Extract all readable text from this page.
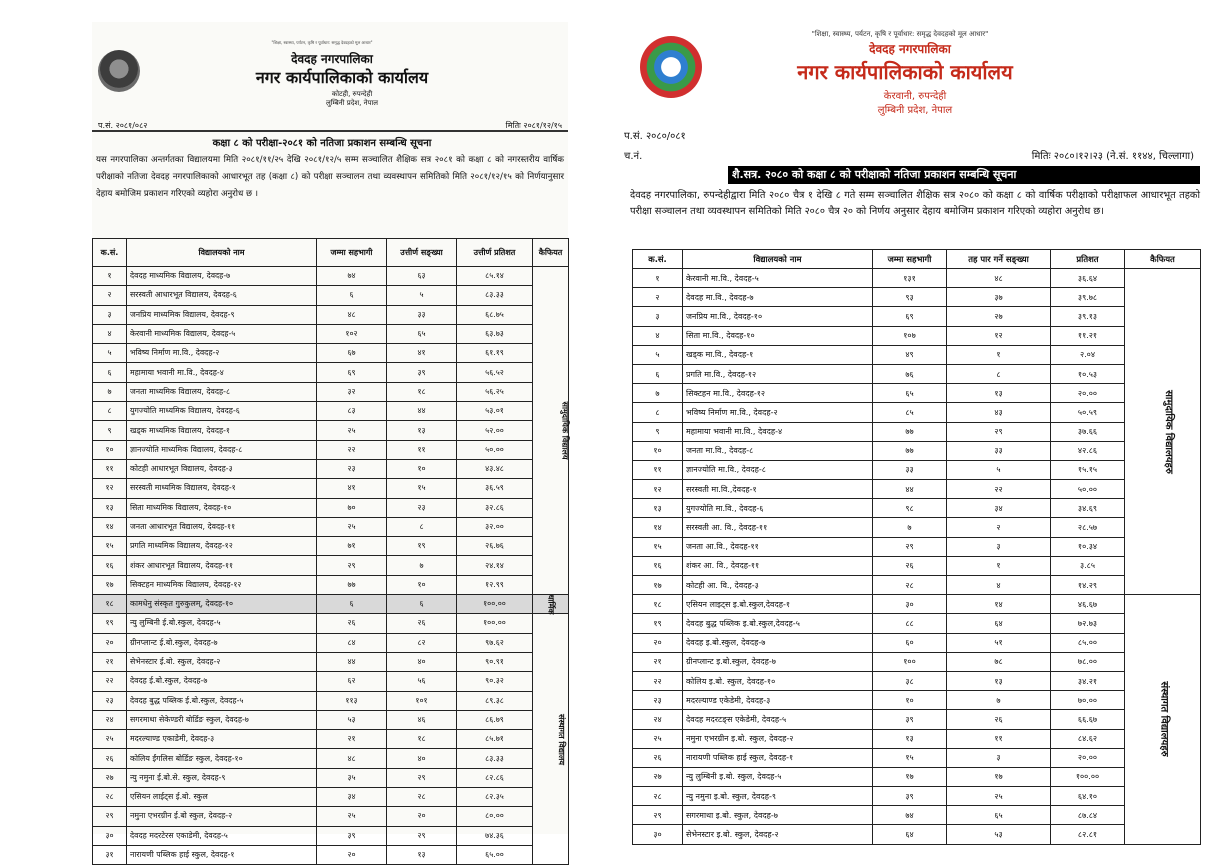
"शिक्षा, स्वास्थ्य, पर्यटन, कृषि र पूर्वाधार: समृद्ध देवदहको मूल आधार"
देवदह नगरपालिका
नगर कार्यपालिकाको कार्यालय
कोटही, रुपन्देही
लुम्बिनी प्रदेश, नेपाल
प.सं. २०८१/०८२	मितिः २०८१/१२/१५
कक्षा ८ को परीक्षा-२०८१ को नतिजा प्रकाशन सम्बन्धि सूचना
यस नगरपालिका अन्तर्गतका विद्यालयमा मिति २०८१/११/२५ देखि २०८१/१२/५ सम्म सञ्चालित शैक्षिक सत्र २०८१ को कक्षा ८ को नगरस्तरीय वार्षिक परीक्षाको नतिजा देवदह नगरपालिकाको आधारभूत तह (कक्षा ८) को परीक्षा सञ्चालन तथा व्यवस्थापन समितिको मिति २०८१/१२/१५ को निर्णयानुसार देहाय बमोजिम प्रकाशन गरिएको व्यहोरा अनुरोध छ ।
क.सं.	विद्यालयको नाम	जम्मा सहभागी	उत्तीर्ण सङ्ख्या	उत्तीर्ण प्रतिशत	कैफियत
१	देवदह माध्यमिक विद्यालय, देवदह-७	७४	६३	८५.१४	सामुदायिक विद्यालय
२	सरस्वती आधारभूत विद्यालय, देवदह-६	६	५	८३.३३	
३	जनप्रिय माध्यमिक विद्यालय, देवदह-९	४८	३३	६८.७५	
४	केरवानी माध्यमिक विद्यालय, देवदह-५	१०२	६५	६३.७३	
५	भविष्य निर्माण मा.वि., देवदह-२	६७	४१	६१.१९	
६	महामाया भवानी मा.वि., देवदह-४	६९	३९	५६.५२	
७	जनता माध्यमिक विद्यालय, देवदह-८	३२	१८	५६.२५	
८	युगज्योति माध्यमिक विद्यालय, देवदह-६	८३	४४	५३.०१	
९	खड्क माध्यमिक विद्यालय, देवदह-१	२५	१३	५२.००	
१०	ज्ञानज्योति माध्यमिक विद्यालय, देवदह-८	२२	११	५०.००	
११	कोटही आधारभूत विद्यालय, देवदह-३	२३	१०	४३.४८	
१२	सरस्वती माध्यमिक विद्यालय, देवदह-१	४१	१५	३६.५९	
१३	सिता माध्यमिक विद्यालय, देवदह-१०	७०	२३	३२.८६	
१४	जनता आधारभूत विद्यालय, देवदह-११	२५	८	३२.००	
१५	प्रगति माध्यमिक विद्यालय, देवदह-१२	७१	१९	२६.७६	
१६	शंकर आधारभूत विद्यालय, देवदह-११	२९	७	२४.१४	
१७	सिक्टहन माध्यमिक विद्यालय, देवदह-१२	७७	१०	१२.९९	
१८	कामधेनु संस्कृत गुरुकुलम्, देवदह-१०	६	६	१००.००	धार्मिक
१९	न्यु लुम्बिनी ई.बो.स्कुल, देवदह-५	२६	२६	१००.००	संस्थागत विद्यालय
२०	ग्रीनप्लान्ट ई.बो.स्कुल, देवदह-७	८४	८२	९७.६२	
२१	सेभेनस्टार ई.बो. स्कुल, देवदह-२	४४	४०	९०.९१	
२२	देवदह ई.बो.स्कुल, देवदह-७	६२	५६	९०.३२	
२३	देवदह बुद्ध पब्लिक ई.बो.स्कुल, देवदह-५	११३	१०१	८९.३८	
२४	सगरमाथा सेकेण्डरी बोर्डिङ स्कुल, देवदह-७	५३	४६	८६.७९	
२५	मदरल्याण्ड एकाडेमी, देवदह-३	२१	१८	८५.७१	
२६	कोलिय ईंगलिस बोर्डिङ स्कुल, देवदह-१०	४८	४०	८३.३३	
२७	न्यु नमुना ई.बो.से. स्कुल, देवदह-९	३५	२९	८२.८६	
२८	एसियन लाईट्स ई.बो. स्कुल	३४	२८	८२.३५	
२९	नमुना एभरग्रीन ई.बो स्कुल, देवदह-२	२५	२०	८०.००	
३०	देवदह मदरटेरस एकाडेमी, देवदह-५	३९	२९	७४.३६	
३१	नारायणी पब्लिक हाई स्कुल, देवदह-१	२०	१३	६५.००	
"शिक्षा, स्वास्थ्य, पर्यटन, कृषि र पूर्वाधार: समृद्ध देवदहको मूल आधार"
देवदह नगरपालिका
नगर कार्यपालिकाको कार्यालय
केरवानी, रुपन्देही
लुम्बिनी प्रदेश, नेपाल
प.सं. २०८०/०८१
च.नं.	मितिः २०८०।१२।२३ (ने.सं. ११४४, चिल्लागा)
शै.सत्र. २०८० को कक्षा ८ को परीक्षाको नतिजा प्रकाशन सम्बन्धि सूचना
देवदह नगरपालिका, रुपन्देहीद्वारा मिति २०८० चैत्र १ देखि ८ गते सम्म सञ्चालित शैक्षिक सत्र २०८० को कक्षा ८ को वार्षिक परीक्षाको परीक्षाफल आधारभूत तहको परीक्षा सञ्चालन तथा व्यवस्थापन समितिको मिति २०८० चैत्र २० को निर्णय अनुसार देहाय बमोजिम प्रकाशन गरिएको व्यहोरा अनुरोध छ।
क.सं.	विद्यालयको नाम	जम्मा सहभागी	तह पार गर्ने सङ्ख्या	प्रतिशत	कैफियत
१	केरवानी मा.वि., देवदह-५	१३१	४८	३६.६४	सामुदायिक विद्यालयहरु
२	देवदह मा.वि., देवदह-७	९३	३७	३९.७८	
३	जनप्रिय मा.वि., देवदह-१०	६९	२७	३९.१३	
४	सिता मा.वि., देवदह-१०	१०७	१२	११.२१	
५	खड्क मा.वि., देवदह-१	४९	१	२.०४	
६	प्रगति मा.वि., देवदह-१२	७६	८	१०.५३	
७	सिक्टहन मा.वि., देवदह-१२	६५	१३	२०.००	
८	भविष्य निर्माण मा.वि., देवदह-२	८५	४३	५०.५९	
९	महामाया भवानी मा.वि., देवदह-४	७७	२९	३७.६६	
१०	जनता मा.वि., देवदह-८	७७	३३	४२.८६	
११	ज्ञानज्योति मा.वि., देवदह-८	३३	५	१५.१५	
१२	सरस्वती मा.वि.,देवदह-१	४४	२२	५०.००	
१३	युगज्योति मा.वि., देवदह-६	९८	३४	३४.६९	
१४	सरस्वती आ. वि., देवदह-११	७	२	२८.५७	
१५	जनता आ.वि., देवदह-११	२९	३	१०.३४	
१६	शंकर आ. वि., देवदह-११	२६	१	३.८५	
१७	कोटही आ. वि., देवदह-३	२८	४	१४.२९	
१८	एसियन लाइट्स इ.बो.स्कुल,देवदह-१	३०	१४	४६.६७	संस्थागत विद्यालयहरु
१९	देवदह बुद्ध पब्लिक इ.बो.स्कुल,देवदह-५	८८	६४	७२.७३	
२०	देवदह इ.बो.स्कुल, देवदह-७	६०	५१	८५.००	
२१	ग्रीनप्लान्ट इ.बो.स्कुल, देवदह-७	१००	७८	७८.००	
२२	कोलिय इ.बो. स्कुल, देवदह-१०	३८	१३	३४.२१	
२३	मदरल्याण्ड एकेडेमी, देवदह-३	१०	७	७०.००	
२४	देवदह मदरटङ्स एकेडेमी, देवदह-५	३९	२६	६६.६७	
२५	नमुना एभरग्रीन इ.बो. स्कुल, देवदह-२	१३	११	८४.६२	
२६	नारायणी पब्लिक हाई स्कुल, देवदह-१	१५	३	२०.००	
२७	न्यु लुम्बिनी इ.बो. स्कुल, देवदह-५	१७	१७	१००.००	
२८	न्यु नमुना इ.बो. स्कुल, देवदह-९	३९	२५	६४.१०	
२९	सगरमाथा इ.बो. स्कुल, देवदह-७	७४	६५	८७.८४	
३०	सेभेनस्टार इ.बो. स्कुल, देवदह-२	६४	५३	८२.८१	
